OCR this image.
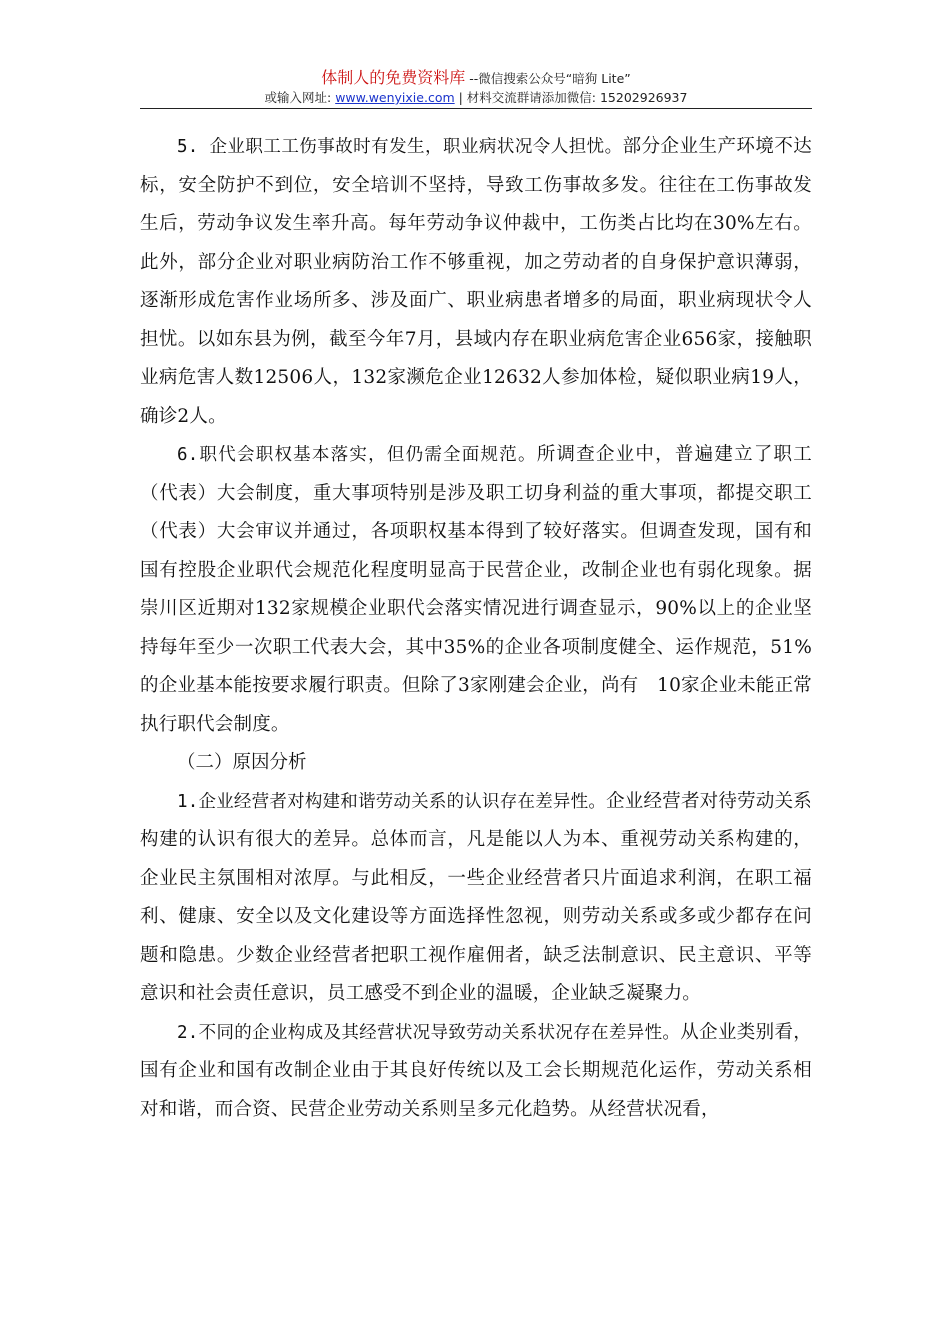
体制人的免费资料库 --微信搜索公众号“暗狗 Lite”
或输入网址: www.wenyixie.com | 材料交流群请添加微信: 15202926937

5. 企业职工工伤事故时有发生，职业病状况令人担忧。部分企业生产环境不达标，安全防护不到位，安全培训不坚持，导致工伤事故多发。往往在工伤事故发生后，劳动争议发生率升高。每年劳动争议仲裁中，工伤类占比均在30%左右。此外，部分企业对职业病防治工作不够重视，加之劳动者的自身保护意识薄弱，逐渐形成危害作业场所多、涉及面广、职业病患者增多的局面，职业病现状令人担忧。以如东县为例，截至今年7月，县域内存在职业病危害企业656家，接触职业病危害人数12506人，132家濒危企业12632人参加体检，疑似职业病19人，确诊2人。

6.职代会职权基本落实，但仍需全面规范。所调查企业中，普遍建立了职工（代表）大会制度，重大事项特别是涉及职工切身利益的重大事项，都提交职工（代表）大会审议并通过，各项职权基本得到了较好落实。但调查发现，国有和国有控股企业职代会规范化程度明显高于民营企业，改制企业也有弱化现象。据崇川区近期对132家规模企业职代会落实情况进行调查显示，90%以上的企业坚持每年至少一次职工代表大会，其中35%的企业各项制度健全、运作规范，51%的企业基本能按要求履行职责。但除了3家刚建会企业，尚有　10家企业未能正常执行职代会制度。

（二）原因分析

1.企业经营者对构建和谐劳动关系的认识存在差异性。企业经营者对待劳动关系构建的认识有很大的差异。总体而言，凡是能以人为本、重视劳动关系构建的，企业民主氛围相对浓厚。与此相反，一些企业经营者只片面追求利润，在职工福利、健康、安全以及文化建设等方面选择性忽视，则劳动关系或多或少都存在问题和隐患。少数企业经营者把职工视作雇佣者，缺乏法制意识、民主意识、平等意识和社会责任意识，员工感受不到企业的温暖，企业缺乏凝聚力。

2.不同的企业构成及其经营状况导致劳动关系状况存在差异性。从企业类别看，国有企业和国有改制企业由于其良好传统以及工会长期规范化运作，劳动关系相对和谐，而合资、民营企业劳动关系则呈多元化趋势。从经营状况看，
